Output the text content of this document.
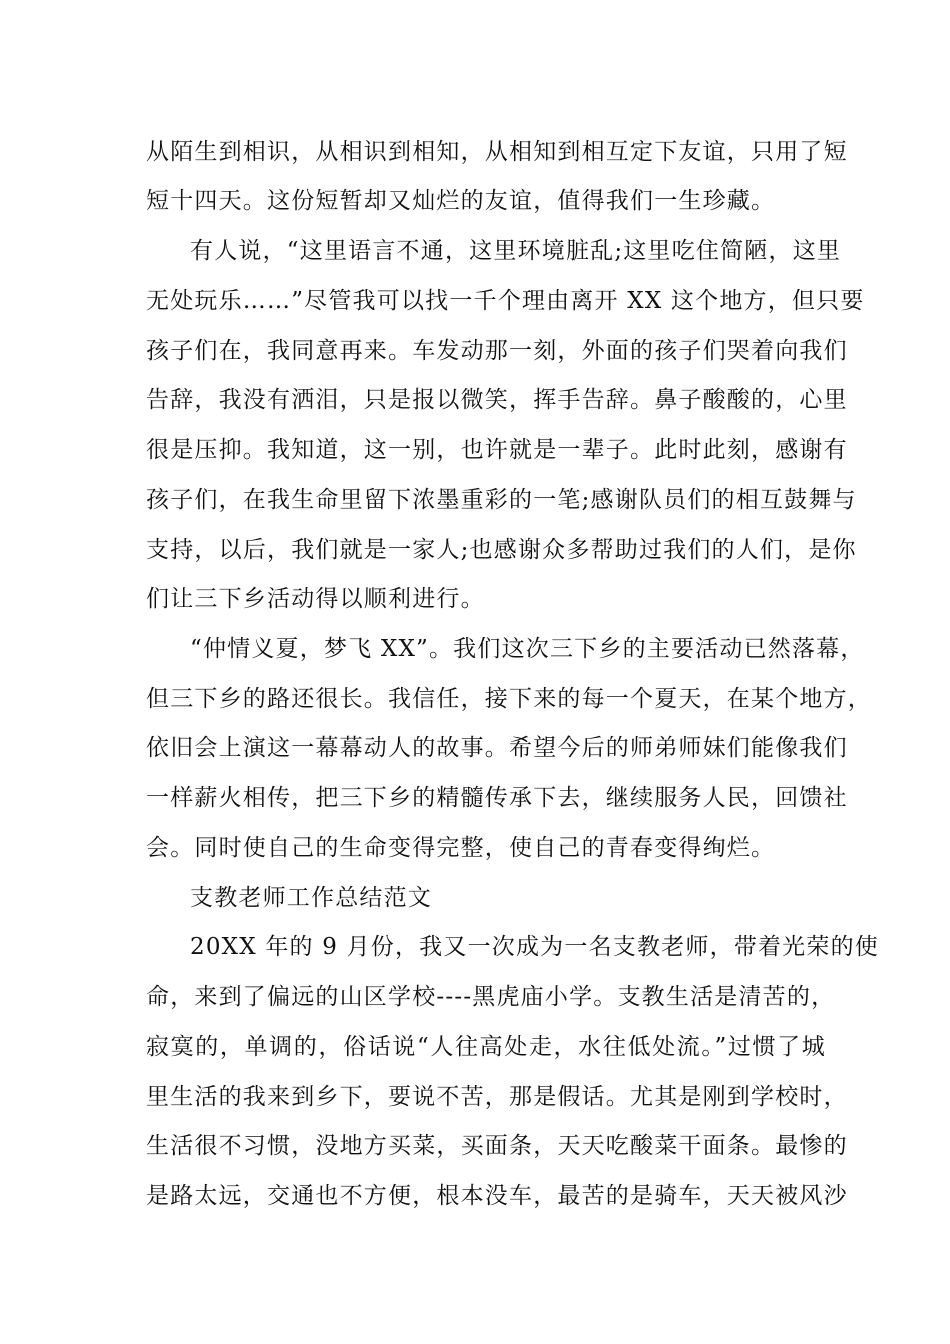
从陌生到相识，从相识到相知，从相知到相互定下友谊，只用了短
短十四天。这份短暂却又灿烂的友谊，值得我们一生珍藏。
有人说，“这里语言不通，这里环境脏乱;这里吃住简陋，这里
无处玩乐……”尽管我可以找一千个理由离开 XX 这个地方，但只要
孩子们在，我同意再来。车发动那一刻，外面的孩子们哭着向我们
告辞，我没有洒泪，只是报以微笑，挥手告辞。鼻子酸酸的，心里
很是压抑。我知道，这一别，也许就是一辈子。此时此刻，感谢有
孩子们，在我生命里留下浓墨重彩的一笔;感谢队员们的相互鼓舞与
支持，以后，我们就是一家人;也感谢众多帮助过我们的人们，是你
们让三下乡活动得以顺利进行。
“仲情义夏，梦飞 XX”。我们这次三下乡的主要活动已然落幕，
但三下乡的路还很长。我信任，接下来的每一个夏天，在某个地方，
依旧会上演这一幕幕动人的故事。希望今后的师弟师妹们能像我们
一样薪火相传，把三下乡的精髓传承下去，继续服务人民，回馈社
会。同时使自己的生命变得完整，使自己的青春变得绚烂。
支教老师工作总结范文
20XX 年的 9 月份，我又一次成为一名支教老师，带着光荣的使
命，来到了偏远的山区学校----黑虎庙小学。支教生活是清苦的，
寂寞的，单调的，俗话说“人往高处走，水往低处流。”过惯了城
里生活的我来到乡下，要说不苦，那是假话。尤其是刚到学校时，
生活很不习惯，没地方买菜，买面条，天天吃酸菜干面条。最惨的
是路太远，交通也不方便，根本没车，最苦的是骑车，天天被风沙
